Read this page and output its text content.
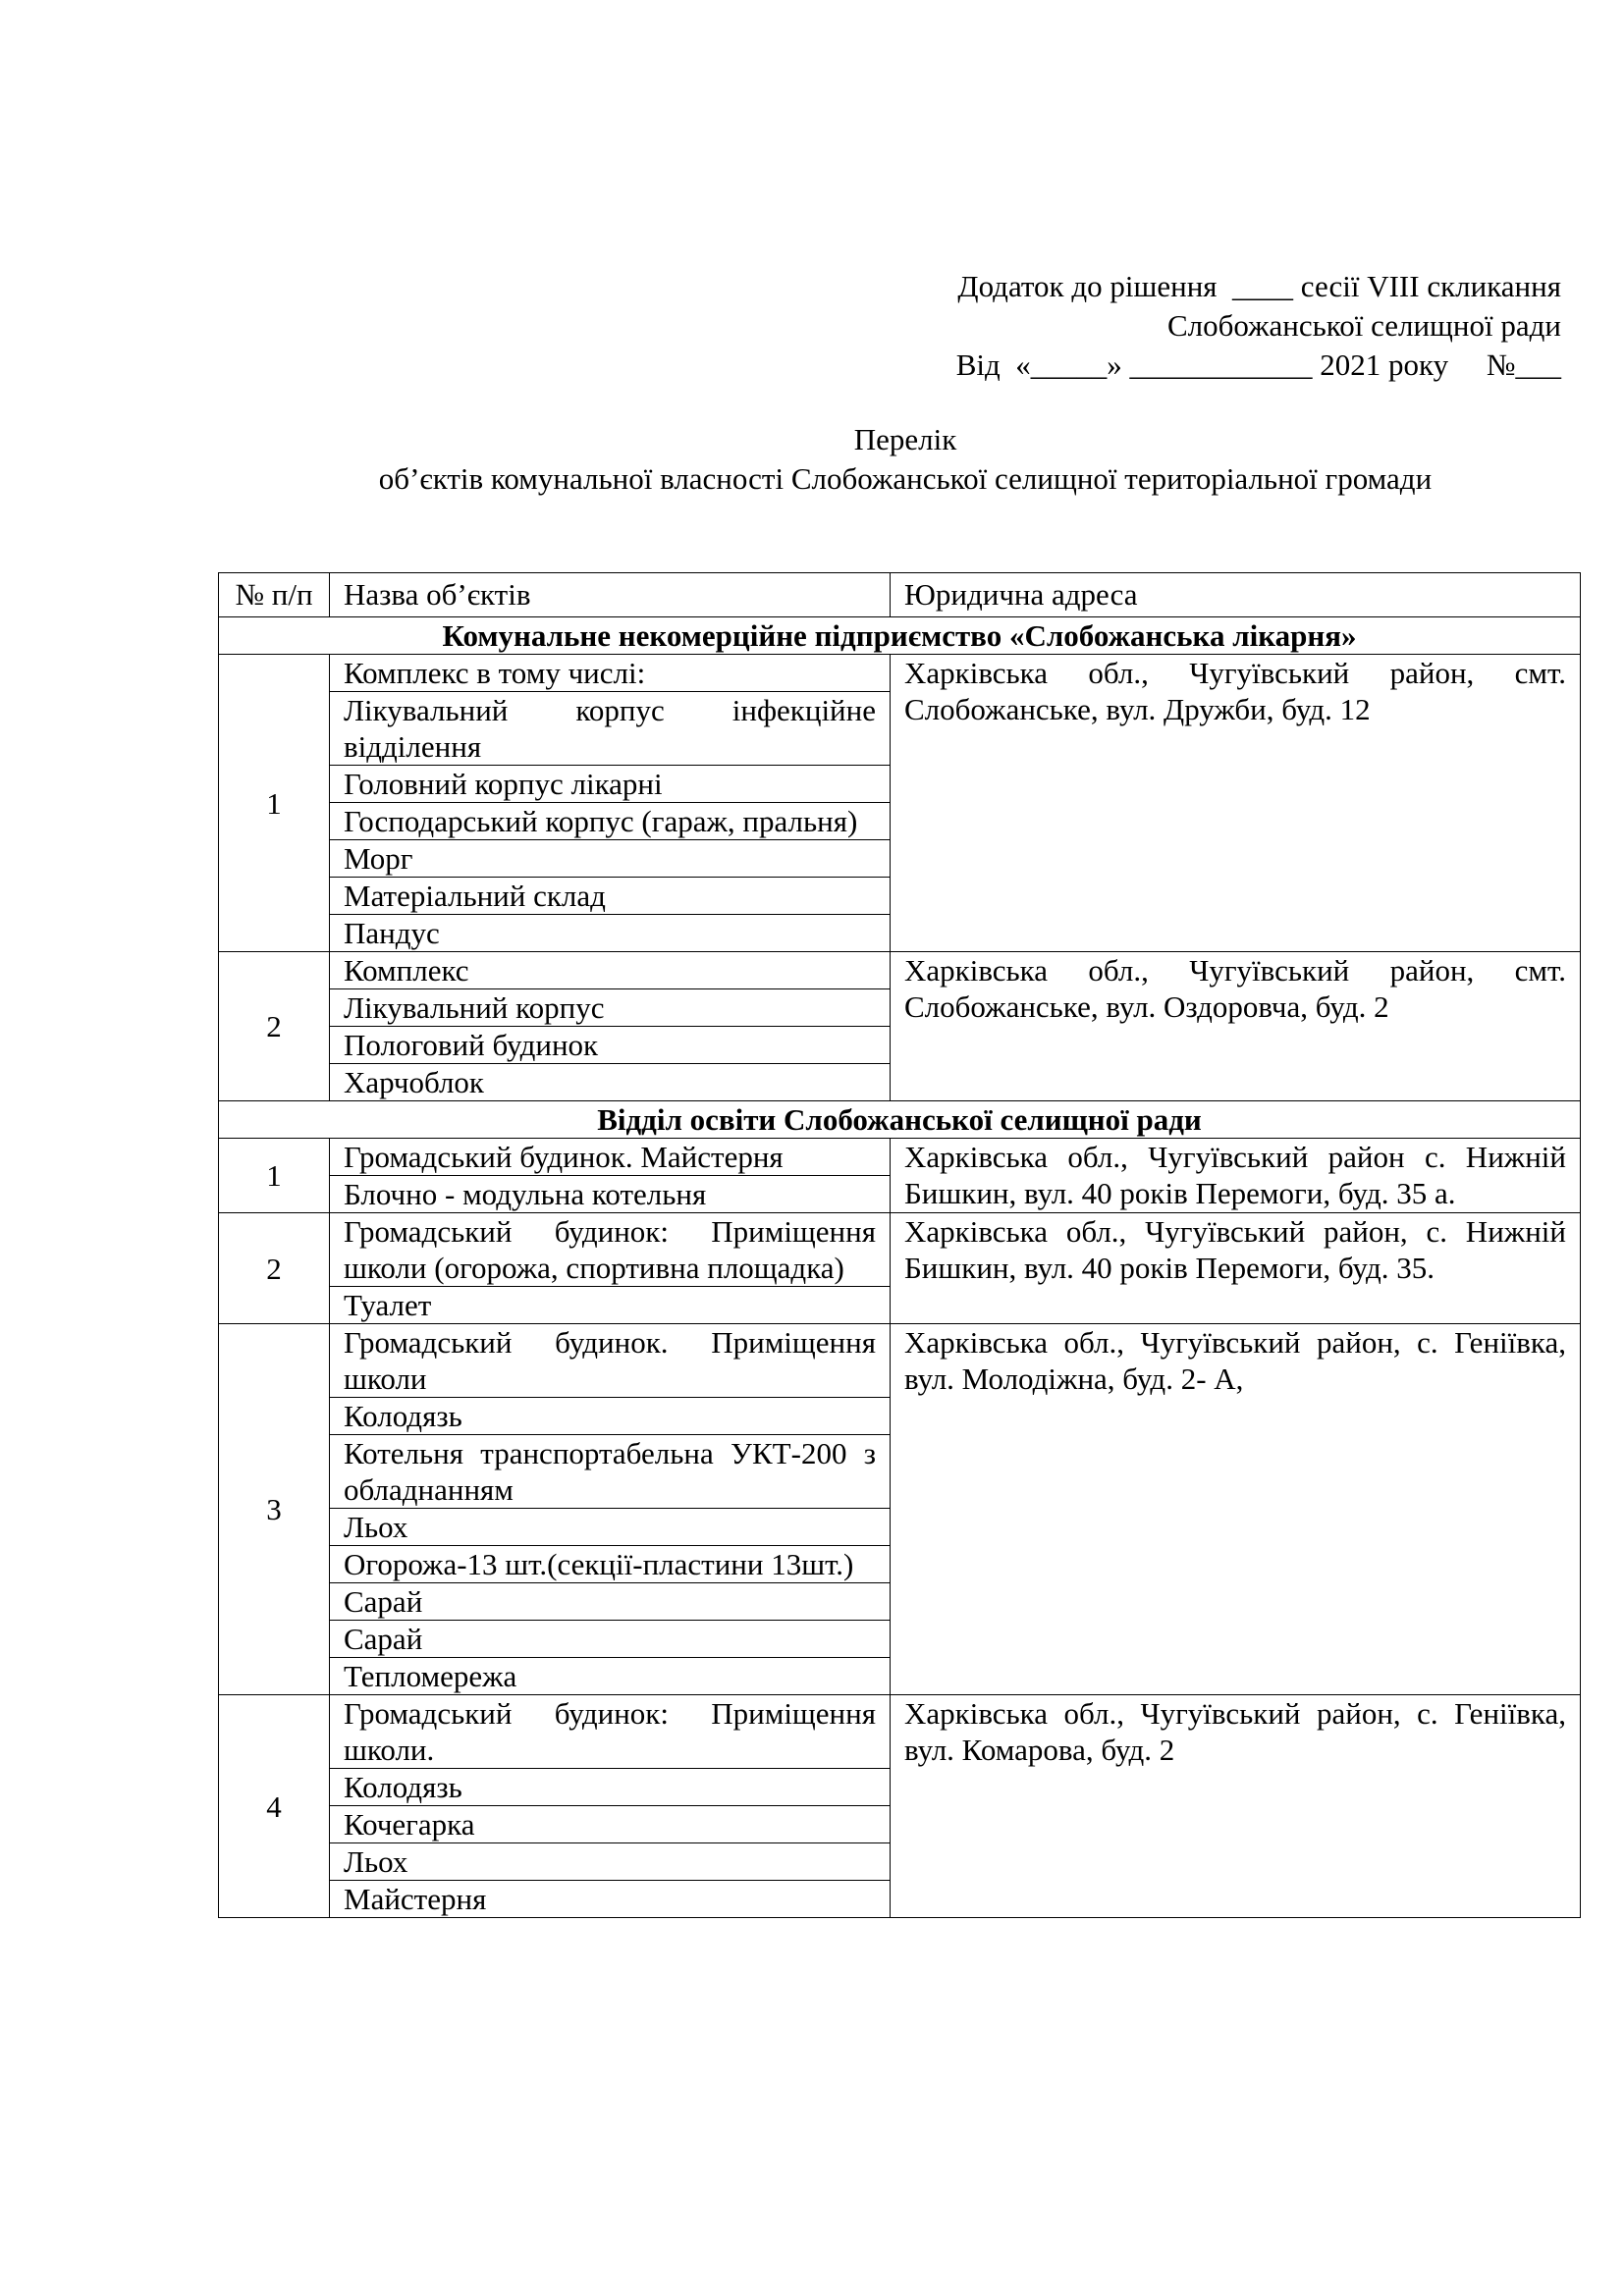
Додаток до рішення  ____ сесії VIII скликання
Слобожанської селищної ради
Від  «_____» ____________ 2021 року     №___
Перелік
об’єктів комунальної власності Слобожанської селищної територіальної громади
№ п/п	Назва об’єктів	Юридична адреса
Комунальне некомерційне підприємство «Слобожанська лікарня»		
1	Комплекс в тому числі:	Харківська обл., Чугуївський район, смт. Слобожанське, вул. Дружби, буд. 12
	Лікувальний корпус інфекційне відділення	
	Головний корпус лікарні	
	Господарський корпус (гараж, пральня)	
	Морг	
	Матеріальний склад	
	Пандус	
2	Комплекс	Харківська обл., Чугуївський район, смт. Слобожанське, вул. Оздоровча, буд. 2
	Лікувальний корпус	
	Пологовий будинок	
	Харчоблок	
Відділ освіти Слобожанської селищної ради		
1	Громадський будинок. Майстерня	Харківська обл., Чугуївський район с. Нижній Бишкин, вул. 40 років Перемоги, буд. 35 а.
	Блочно - модульна котельня	
2	Громадський будинок: Приміщення школи (огорожа, спортивна площадка)	Харківська обл., Чугуївський район, с. Нижній Бишкин, вул. 40 років Перемоги, буд. 35.
	Туалет	
3	Громадський будинок. Приміщення школи	Харківська обл., Чугуївський район, с. Геніївка, вул. Молодіжна, буд. 2- А,
	Колодязь	
	Котельня транспортабельна УКТ-200 з обладнанням	
	Льох	
	Огорожа-13 шт.(секції-пластини 13шт.)	
	Сарай	
	Сарай	
	Тепломережа	
4	Громадський будинок: Приміщення школи.	Харківська обл., Чугуївський район, с. Геніївка, вул. Комарова, буд. 2
	Колодязь	
	Кочегарка	
	Льох	
	Майстерня	
